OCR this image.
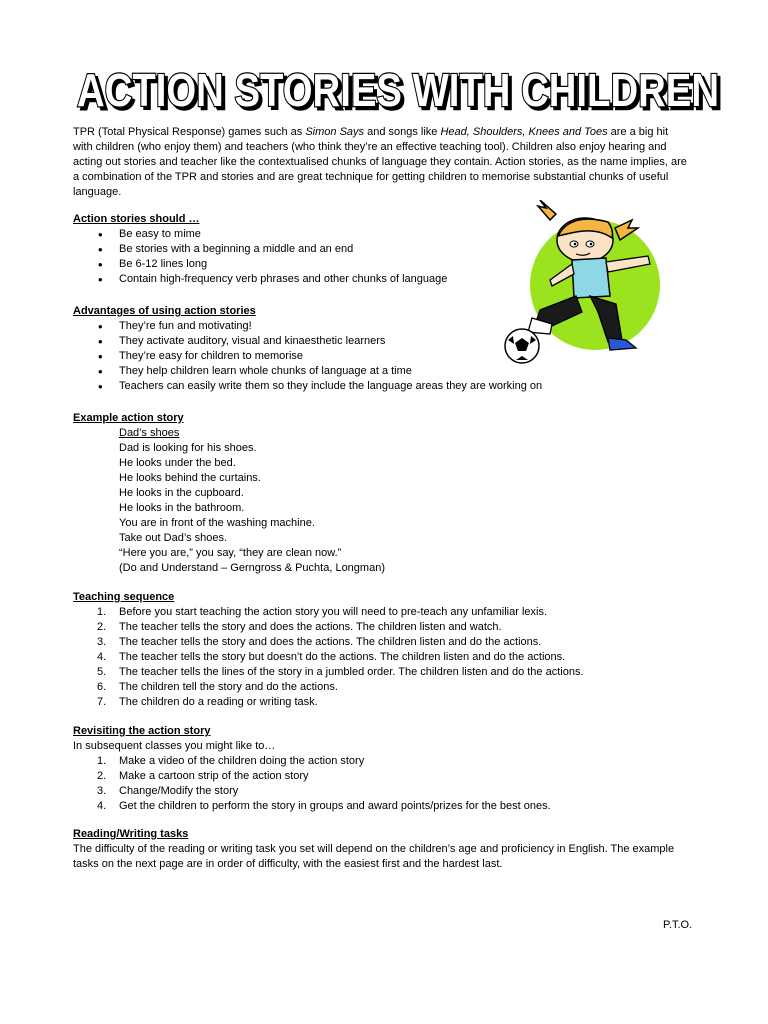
ACTION STORIES WITH CHILDREN

TPR (Total Physical Response) games such as Simon Says and songs like Head, Shoulders, Knees and Toes are a big hit with children (who enjoy them) and teachers (who think they’re an effective teaching tool). Children also enjoy hearing and acting out stories and teacher like the contextualised chunks of language they contain. Action stories, as the name implies, are a combination of the TPR and stories and are great technique for getting children to memorise substantial chunks of useful language.

Action stories should …

• Be easy to mime
• Be stories with a beginning a middle and an end
• Be 6-12 lines long
• Contain high-frequency verb phrases and other chunks of language

Advantages of using action stories

• They’re fun and motivating!
• They activate auditory, visual and kinaesthetic learners
• They’re easy for children to memorise
• They help children learn whole chunks of language at a time
• Teachers can easily write them so they include the language areas they are working on

Example action story

Dad’s shoes
Dad is looking for his shoes.
He looks under the bed.
He looks behind the curtains.
He looks in the cupboard.
He looks in the bathroom.
You are in front of the washing machine.
Take out Dad’s shoes.
“Here you are,” you say, “they are clean now.”
(Do and Understand – Gerngross & Puchta, Longman)

Teaching sequence

1. Before you start teaching the action story you will need to pre-teach any unfamiliar lexis.
2. The teacher tells the story and does the actions. The children listen and watch.
3. The teacher tells the story and does the actions. The children listen and do the actions.
4. The teacher tells the story but doesn’t do the actions. The children listen and do the actions.
5. The teacher tells the lines of the story in a jumbled order. The children listen and do the actions.
6. The children tell the story and do the actions.
7. The children do a reading or writing task.

Revisiting the action story

In subsequent classes you might like to…

1. Make a video of the children doing the action story
2. Make a cartoon strip of the action story
3. Change/Modify the story
4. Get the children to perform the story in groups and award points/prizes for the best ones.

Reading/Writing tasks

The difficulty of the reading or writing task you set will depend on the children’s age and proficiency in English. The example tasks on the next page are in order of difficulty, with the easiest first and the hardest last.

P.T.O.
